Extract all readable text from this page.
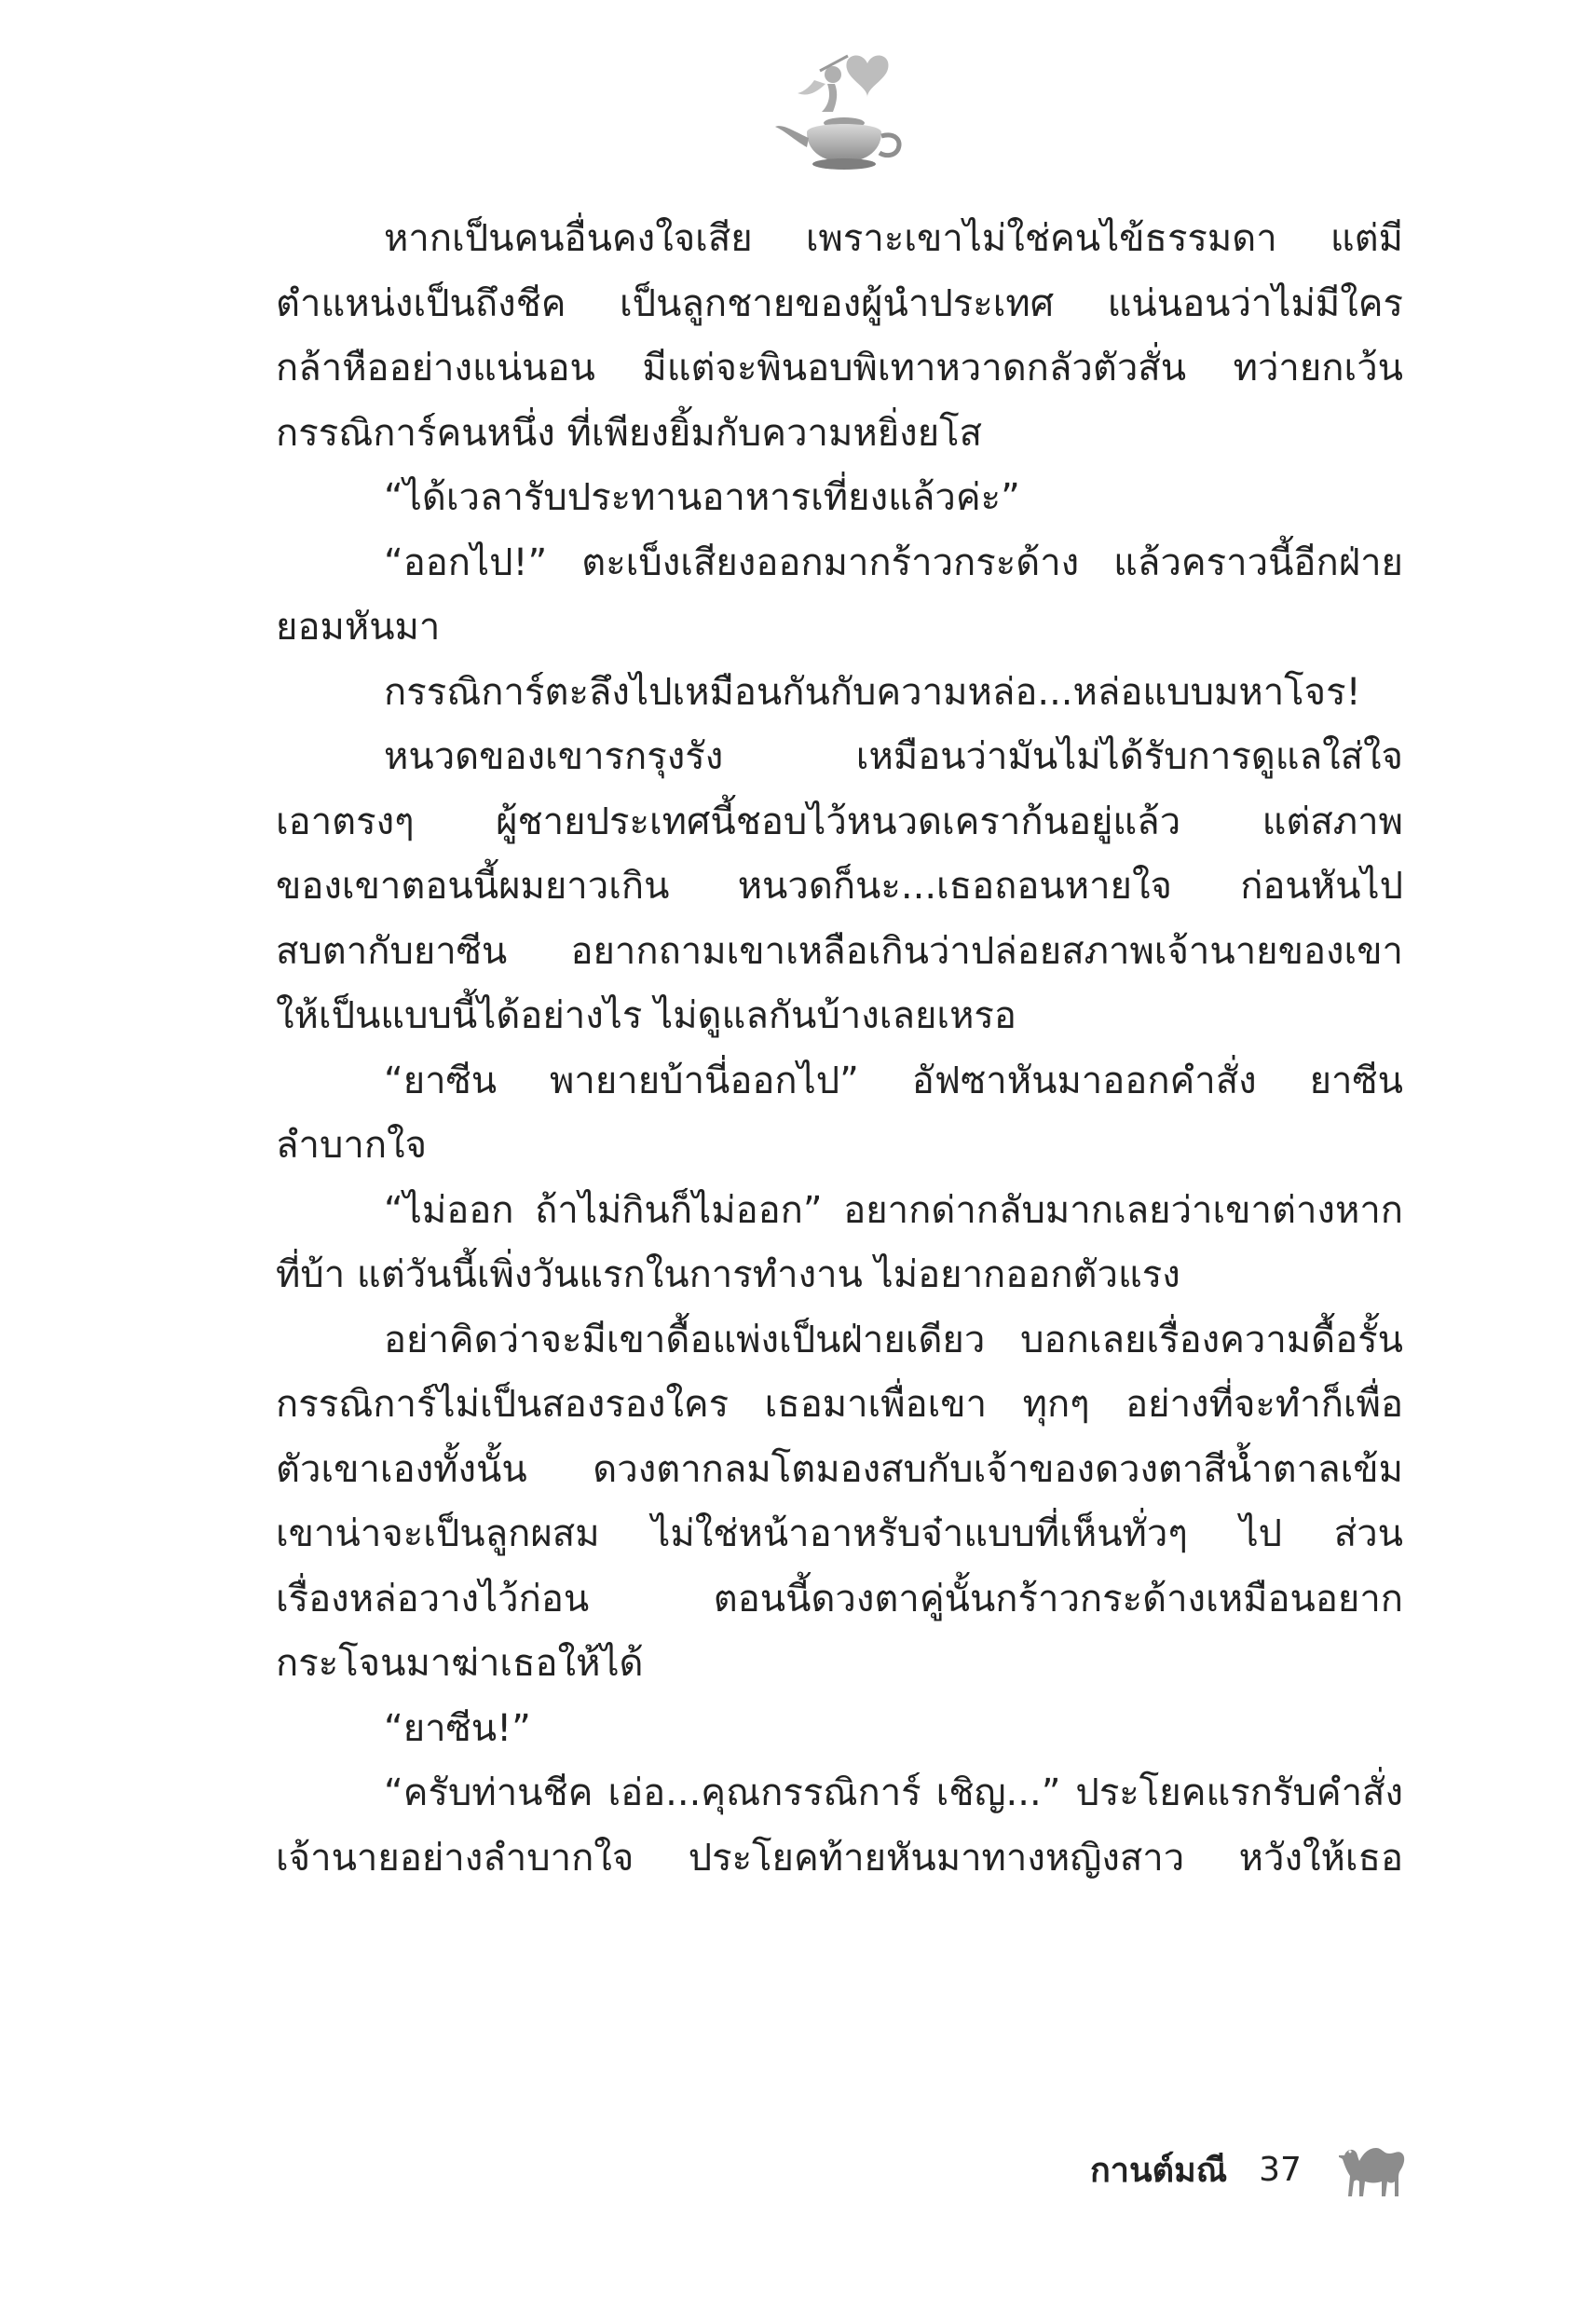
หากเป็นคนอื่นคงใจเสีย เพราะเขาไม่ใช่คนไข้ธรรมดา แต่มี
ตำแหน่งเป็นถึงชีค เป็นลูกชายของผู้นำประเทศ แน่นอนว่าไม่มีใคร
กล้าหืออย่างแน่นอน มีแต่จะพินอบพิเทาหวาดกลัวตัวสั่น ทว่ายกเว้น
กรรณิการ์คนหนึ่ง ที่เพียงยิ้มกับความหยิ่งยโส
“ได้เวลารับประทานอาหารเที่ยงแล้วค่ะ”
“ออกไป!” ตะเบ็งเสียงออกมากร้าวกระด้าง แล้วคราวนี้อีกฝ่าย
ยอมหันมา
กรรณิการ์ตะลึงไปเหมือนกันกับความหล่อ...หล่อแบบมหาโจร!
หนวดของเขารกรุงรัง เหมือนว่ามันไม่ได้รับการดูแลใส่ใจ
เอาตรงๆ ผู้ชายประเทศนี้ชอบไว้หนวดเคราก้นอยู่แล้ว แต่สภาพ
ของเขาตอนนี้ผมยาวเกิน หนวดก็นะ...เธอถอนหายใจ ก่อนหันไป
สบตากับยาซีน อยากถามเขาเหลือเกินว่าปล่อยสภาพเจ้านายของเขา
ให้เป็นแบบนี้ได้อย่างไร ไม่ดูแลกันบ้างเลยเหรอ
“ยาซีน พายายบ้านี่ออกไป” อัฟซาหันมาออกคำสั่ง ยาซีน
ลำบากใจ
“ไม่ออก ถ้าไม่กินก็ไม่ออก” อยากด่ากลับมากเลยว่าเขาต่างหาก
ที่บ้า แต่วันนี้เพิ่งวันแรกในการทำงาน ไม่อยากออกตัวแรง
อย่าคิดว่าจะมีเขาดื้อแพ่งเป็นฝ่ายเดียว บอกเลยเรื่องความดื้อรั้น
กรรณิการ์ไม่เป็นสองรองใคร เธอมาเพื่อเขา ทุกๆ อย่างที่จะทำก็เพื่อ
ตัวเขาเองทั้งนั้น ดวงตากลมโตมองสบกับเจ้าของดวงตาสีน้ำตาลเข้ม
เขาน่าจะเป็นลูกผสม ไม่ใช่หน้าอาหรับจ๋าแบบที่เห็นทั่วๆ ไป ส่วน
เรื่องหล่อวางไว้ก่อน ตอนนี้ดวงตาคู่นั้นกร้าวกระด้างเหมือนอยาก
กระโจนมาฆ่าเธอให้ได้
“ยาซีน!”
“ครับท่านชีค เอ่อ...คุณกรรณิการ์ เชิญ...” ประโยคแรกรับคำสั่ง
เจ้านายอย่างลำบากใจ ประโยคท้ายหันมาทางหญิงสาว หวังให้เธอ
กานต์มณี 37
